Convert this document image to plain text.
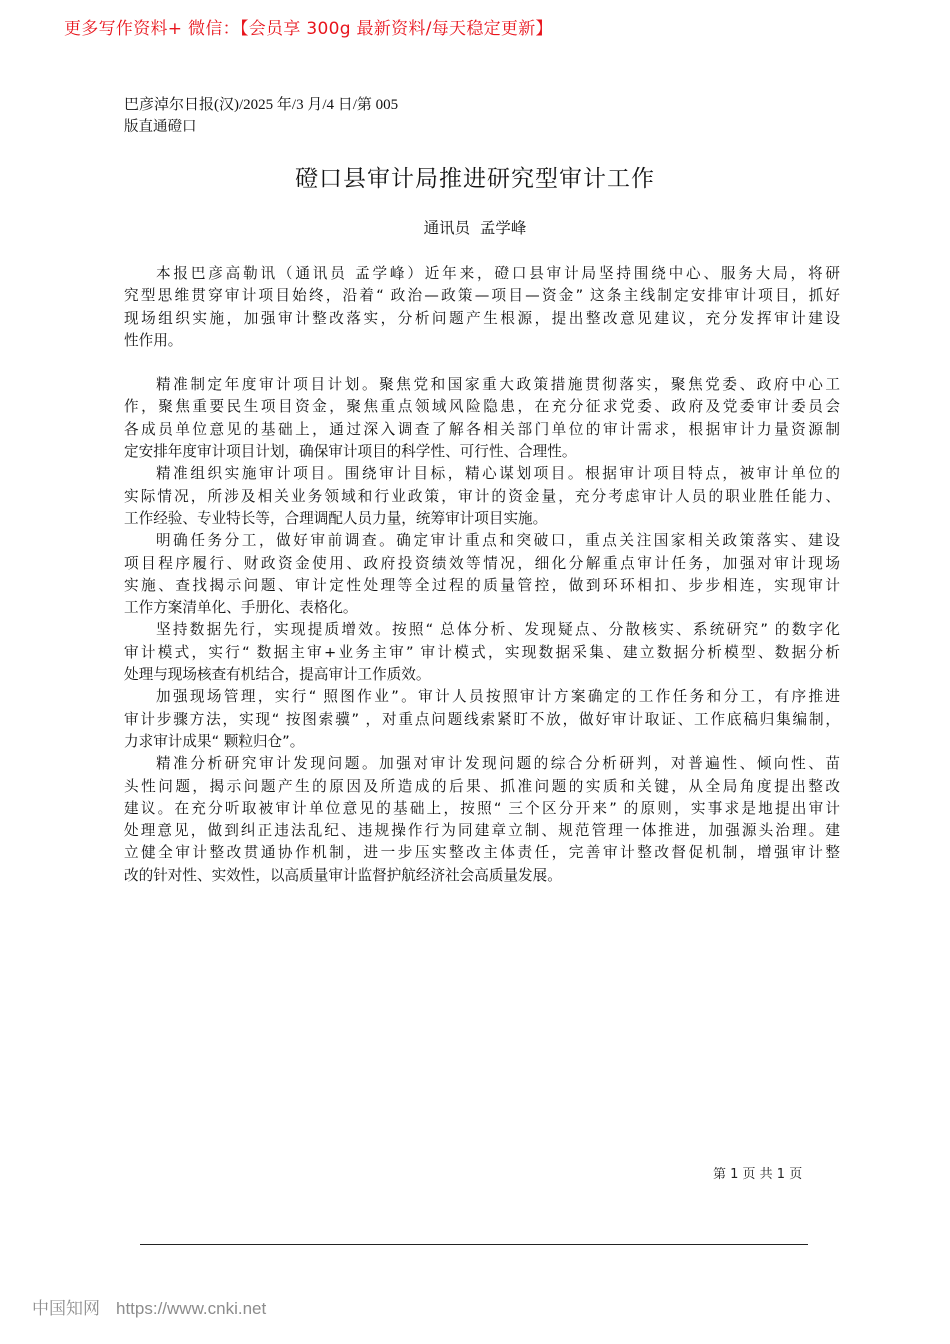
更多写作资料+ 微信：【会员享 300g 最新资料/每天稳定更新】
巴彦淖尔日报(汉)/2025 年/3 月/4 日/第 005
版直通磴口
磴口县审计局推进研究型审计工作
通讯员  孟学峰

本报巴彦高勒讯（通讯员 孟学峰）近年来，磴口县审计局坚持围绕中心、服务大局，将研
究型思维贯穿审计项目始终，沿着“ 政治—政策—项目—资金” 这条主线制定安排审计项目，抓好
现场组织实施，加强审计整改落实，分析问题产生根源，提出整改意见建议，充分发挥审计建设
性作用。

精准制定年度审计项目计划。聚焦党和国家重大政策措施贯彻落实，聚焦党委、政府中心工
作，聚焦重要民生项目资金，聚焦重点领域风险隐患，在充分征求党委、政府及党委审计委员会
各成员单位意见的基础上，通过深入调查了解各相关部门单位的审计需求，根据审计力量资源制
定安排年度审计项目计划，确保审计项目的科学性、可行性、合理性。

精准组织实施审计项目。围绕审计目标，精心谋划项目。根据审计项目特点，被审计单位的
实际情况，所涉及相关业务领域和行业政策，审计的资金量，充分考虑审计人员的职业胜任能力、
工作经验、专业特长等，合理调配人员力量，统筹审计项目实施。

明确任务分工，做好审前调查。确定审计重点和突破口，重点关注国家相关政策落实、建设
项目程序履行、财政资金使用、政府投资绩效等情况，细化分解重点审计任务，加强对审计现场
实施、查找揭示问题、审计定性处理等全过程的质量管控，做到环环相扣、步步相连，实现审计
工作方案清单化、手册化、表格化。

坚持数据先行，实现提质增效。按照“ 总体分析、发现疑点、分散核实、系统研究” 的数字化
审计模式，实行“ 数据主审+业务主审” 审计模式，实现数据采集、建立数据分析模型、数据分析
处理与现场核查有机结合，提高审计工作质效。

加强现场管理，实行“ 照图作业”。审计人员按照审计方案确定的工作任务和分工，有序推进
审计步骤方法，实现“ 按图索骥” ，对重点问题线索紧盯不放，做好审计取证、工作底稿归集编制，
力求审计成果“ 颗粒归仓”。

精准分析研究审计发现问题。加强对审计发现问题的综合分析研判，对普遍性、倾向性、苗
头性问题，揭示问题产生的原因及所造成的后果、抓准问题的实质和关键，从全局角度提出整改
建议。在充分听取被审计单位意见的基础上，按照“ 三个区分开来” 的原则，实事求是地提出审计
处理意见，做到纠正违法乱纪、违规操作行为同建章立制、规范管理一体推进，加强源头治理。建
立健全审计整改贯通协作机制，进一步压实整改主体责任，完善审计整改督促机制，增强审计整
改的针对性、实效性，以高质量审计监督护航经济社会高质量发展。

第 1 页 共 1 页
中国知网 https://www.cnki.net
